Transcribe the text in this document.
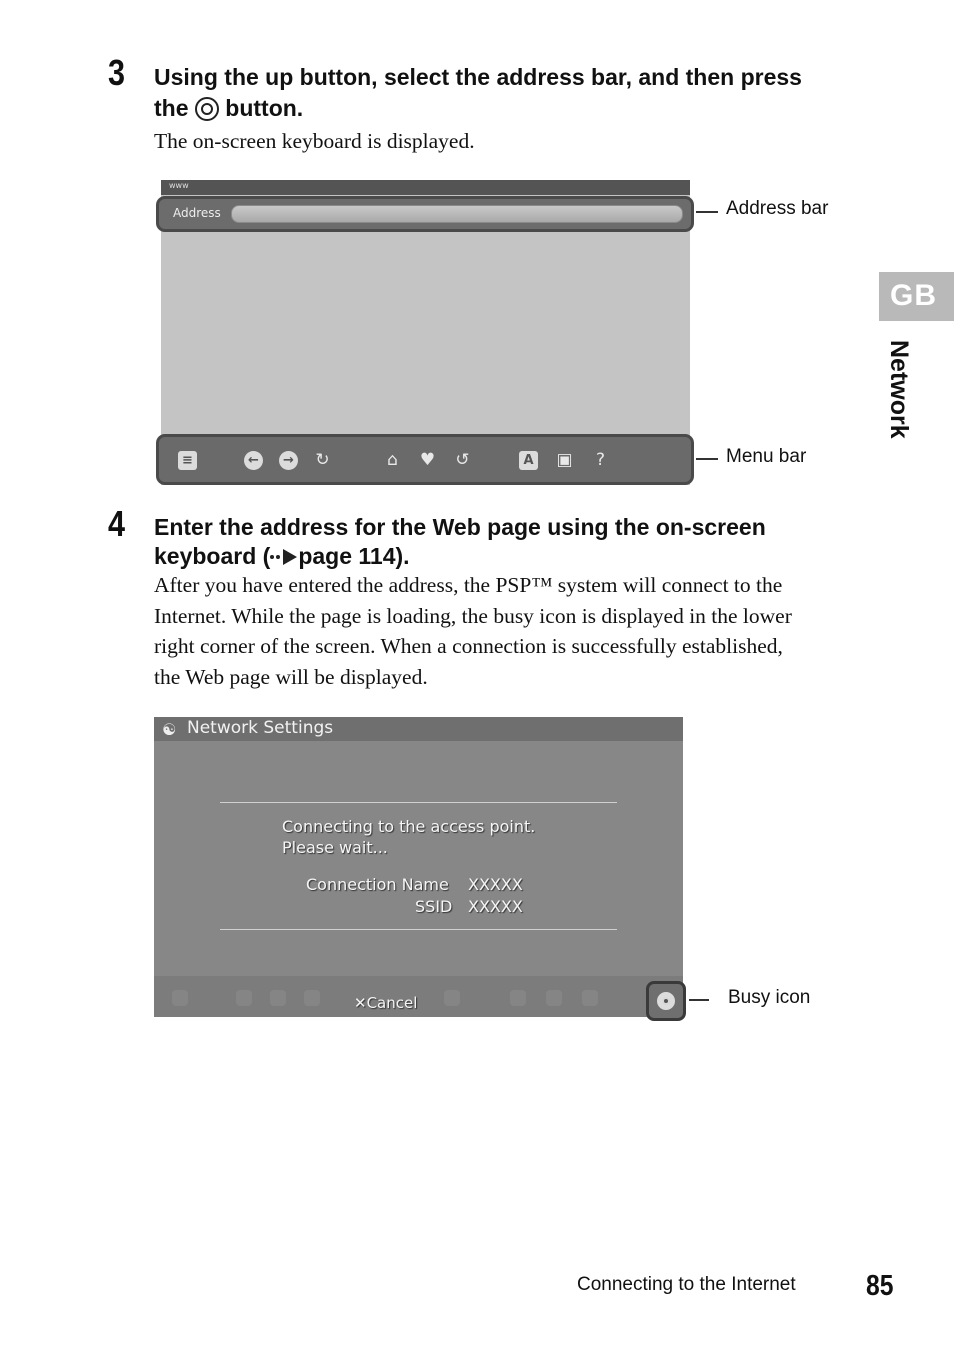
3 Using the up button, select the address bar, and then press
the button.
The on-screen keyboard is displayed.
www
Address
≡	←	→ ↻	⌂ ♥ ↺	A ▣ ?
Address bar
Menu bar
4 Enter the address for the Web page using the on-screen
keyboard ( page 114).
After you have entered the address, the PSP™ system will connect to the
Internet. While the page is loading, the busy icon is displayed in the lower
right corner of the screen. When a connection is successfully established,
the Web page will be displayed.
☯ Network Settings
Connecting to the access point.
Please wait...
Connection Name XXXXX
SSID XXXXX
✕Cancel	Busy icon
GB
Network
Connecting to the Internet 85
